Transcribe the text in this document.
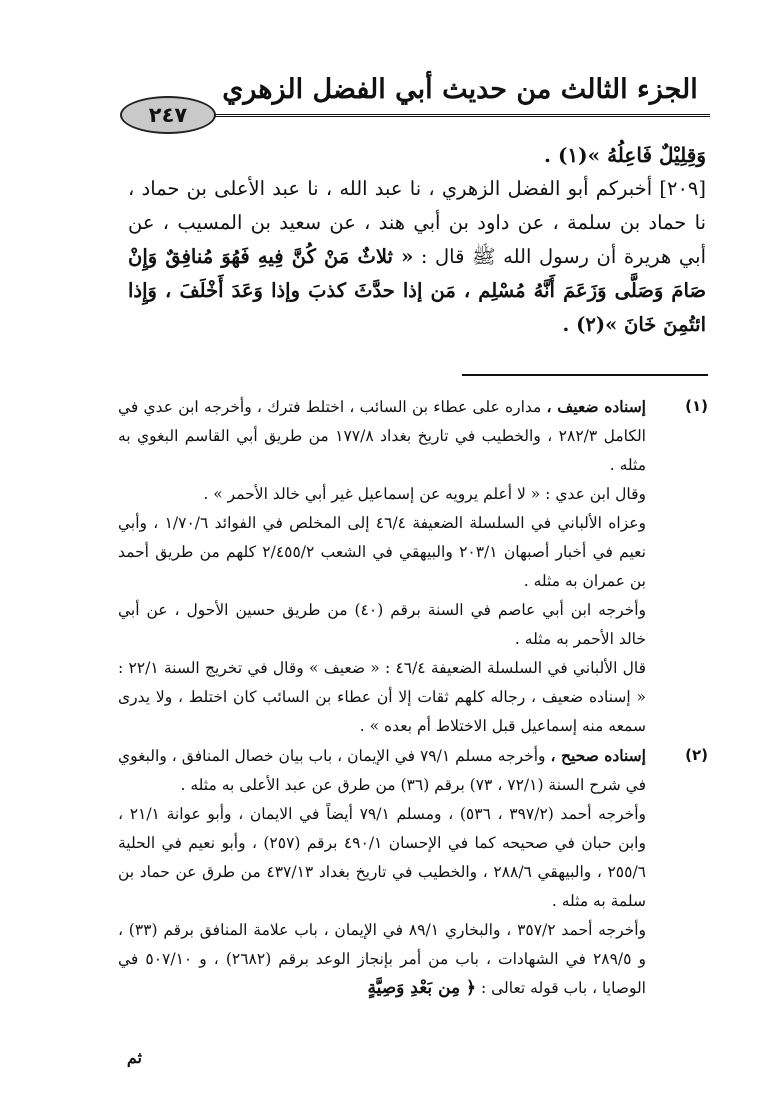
الجزء الثالث من حديث أبي الفضل الزهري
٢٤٧

وَقِلِيْلٌ فَاعِلُهُ »(١) .

[٢٠٩] أخبركم أبو الفضل الزهري ، نا عبد الله ، نا عبد الأعلى بن حماد ، نا حماد بن سلمة ، عن داود بن أبي هند ، عن سعيد بن المسيب ، عن أبي هريرة أن رسول الله ﷺ قال : « ثلاثٌ مَنْ كُنَّ فِيهِ فَهُوَ مُنافِقٌ وَإِنْ صَامَ وَصَلَّى وَزَعَمَ أَنَّهُ مُسْلِم ، مَن إذا حدَّثَ كذبَ وإذا وَعَدَ أَخْلَفَ ، وَإِذا ائتُمِنَ خَانَ »(٢) .

(١)
إسناده ضعيف ، مداره على عطاء بن السائب ، اختلط فترك ، وأخرجه ابن عدي في الكامل ٢٨٢/٣ ، والخطيب في تاريخ بغداد ١٧٧/٨ من طريق أبي القاسم البغوي به مثله .
وقال ابن عدي : « لا أعلم يرويه عن إسماعيل غير أبي خالد الأحمر » .
وعزاه الألباني في السلسلة الضعيفة ٤٦/٤ إلى المخلص في الفوائد ١/٧٠/٦ ، وأبي نعيم في أخبار أصبهان ٢٠٣/١ والبيهقي في الشعب ٢/٤٥٥/٢ كلهم من طريق أحمد بن عمران به مثله .
وأخرجه ابن أبي عاصم في السنة برقم (٤٠) من طريق حسين الأحول ، عن أبي خالد الأحمر به مثله .
قال الألباني في السلسلة الضعيفة ٤٦/٤ : « ضعيف » وقال في تخريج السنة ٢٢/١ : « إسناده ضعيف ، رجاله كلهم ثقات إلا أن عطاء بن السائب كان اختلط ، ولا يدرى سمعه منه إسماعيل قبل الاختلاط أم بعده » .
(٢)
إسناده صحيح ، وأخرجه مسلم ٧٩/١ في الإيمان ، باب بيان خصال المنافق ، والبغوي في شرح السنة (٧٢/١ ، ٧٣) برقم (٣٦) من طرق عن عبد الأعلى به مثله .
وأخرجه أحمد (٣٩٧/٢ ، ٥٣٦) ، ومسلم ٧٩/١ أيضاً في الايمان ، وأبو عوانة ٢١/١ ، وابن حبان في صحيحه كما في الإحسان ٤٩٠/١ برقم (٢٥٧) ، وأبو نعيم في الحلية ٢٥٥/٦ ، والبيهقي ٢٨٨/٦ ، والخطيب في تاريخ بغداد ٤٣٧/١٣ من طرق عن حماد بن سلمة به مثله .
وأخرجه أحمد ٣٥٧/٢ ، والبخاري ٨٩/١ في الإيمان ، باب علامة المنافق برقم (٣٣) ، و ٢٨٩/٥ في الشهادات ، باب من أمر بإنجاز الوعد برقم (٢٦٨٢) ، و ٥٠٧/١٠ في الوصايا ، باب قوله تعالى : ﴿ مِن بَعْدِ وَصِيَّةٍ
ثم
